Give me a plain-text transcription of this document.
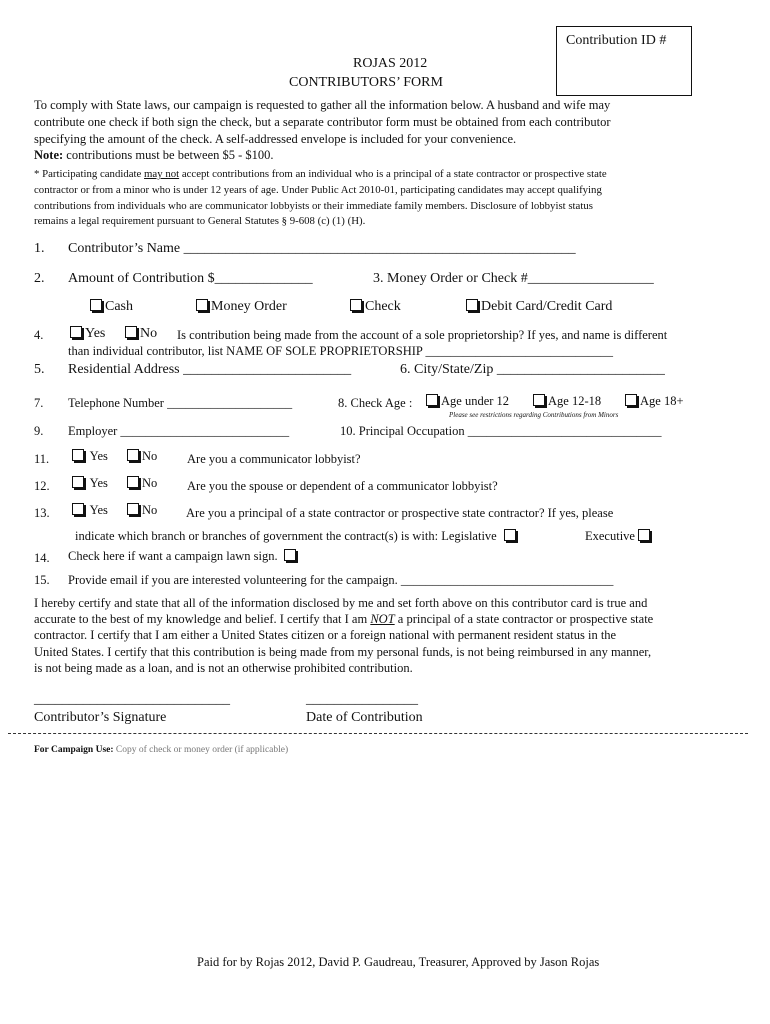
Contribution ID #
ROJAS 2012
CONTRIBUTORS’ FORM
To comply with State laws, our campaign is requested to gather all the information below. A husband and wife may
contribute one check if both sign the check, but a separate contributor form must be obtained from each contributor
specifying the amount of the check. A self-addressed envelope is included for your convenience.
Note: contributions must be between $5 - $100.
* Participating candidate may not accept contributions from an individual who is a principal of a state contractor or prospective state
contractor or from a minor who is under 12 years of age. Under Public Act 2010-01, participating candidates may accept qualifying
contributions from individuals who are communicator lobbyists or their immediate family members. Disclosure of lobbyist status
remains a legal requirement pursuant to General Statutes § 9-608 (c) (1) (H).
1. Contributor’s Name ________________________________________________________
2. Amount of Contribution $______________	3. Money Order or Check #__________________
Cash	Money Order	Check	Debit Card/Credit Card
4.	Yes	No Is contribution being made from the account of a sole proprietorship? If yes, and name is different
than individual contributor, list NAME OF SOLE PROPRIETORSHIP ______________________________
5. Residential Address ________________________	6. City/State/Zip ________________________
7. Telephone Number ____________________	8. Check Age :	Age under 12	Age 12-18	Age 18+
Please see restrictions regarding Contributions from Minors
9. Employer ___________________________	10. Principal Occupation _______________________________
11.	Yes	No Are you a communicator lobbyist?
12.	Yes	No Are you the spouse or dependent of a communicator lobbyist?
13.	Yes	No Are you a principal of a state contractor or prospective state contractor? If yes, please
indicate which branch or branches of government the contract(s) is with: Legislative	Executive
14. Check here if want a campaign lawn sign.
15. Provide email if you are interested volunteering for the campaign. __________________________________
I hereby certify and state that all of the information disclosed by me and set forth above on this contributor card is true and
accurate to the best of my knowledge and belief. I certify that I am NOT a principal of a state contractor or prospective state
contractor. I certify that I am either a United States citizen or a foreign national with permanent resident status in the
United States. I certify that this contribution is being made from my personal funds, is not being reimbursed in any manner,
is not being made as a loan, and is not an otherwise prohibited contribution.
____________________________	________________
Contributor’s Signature	Date of Contribution
For Campaign Use: Copy of check or money order (if applicable)
Paid for by Rojas 2012, David P. Gaudreau, Treasurer, Approved by Jason Rojas
